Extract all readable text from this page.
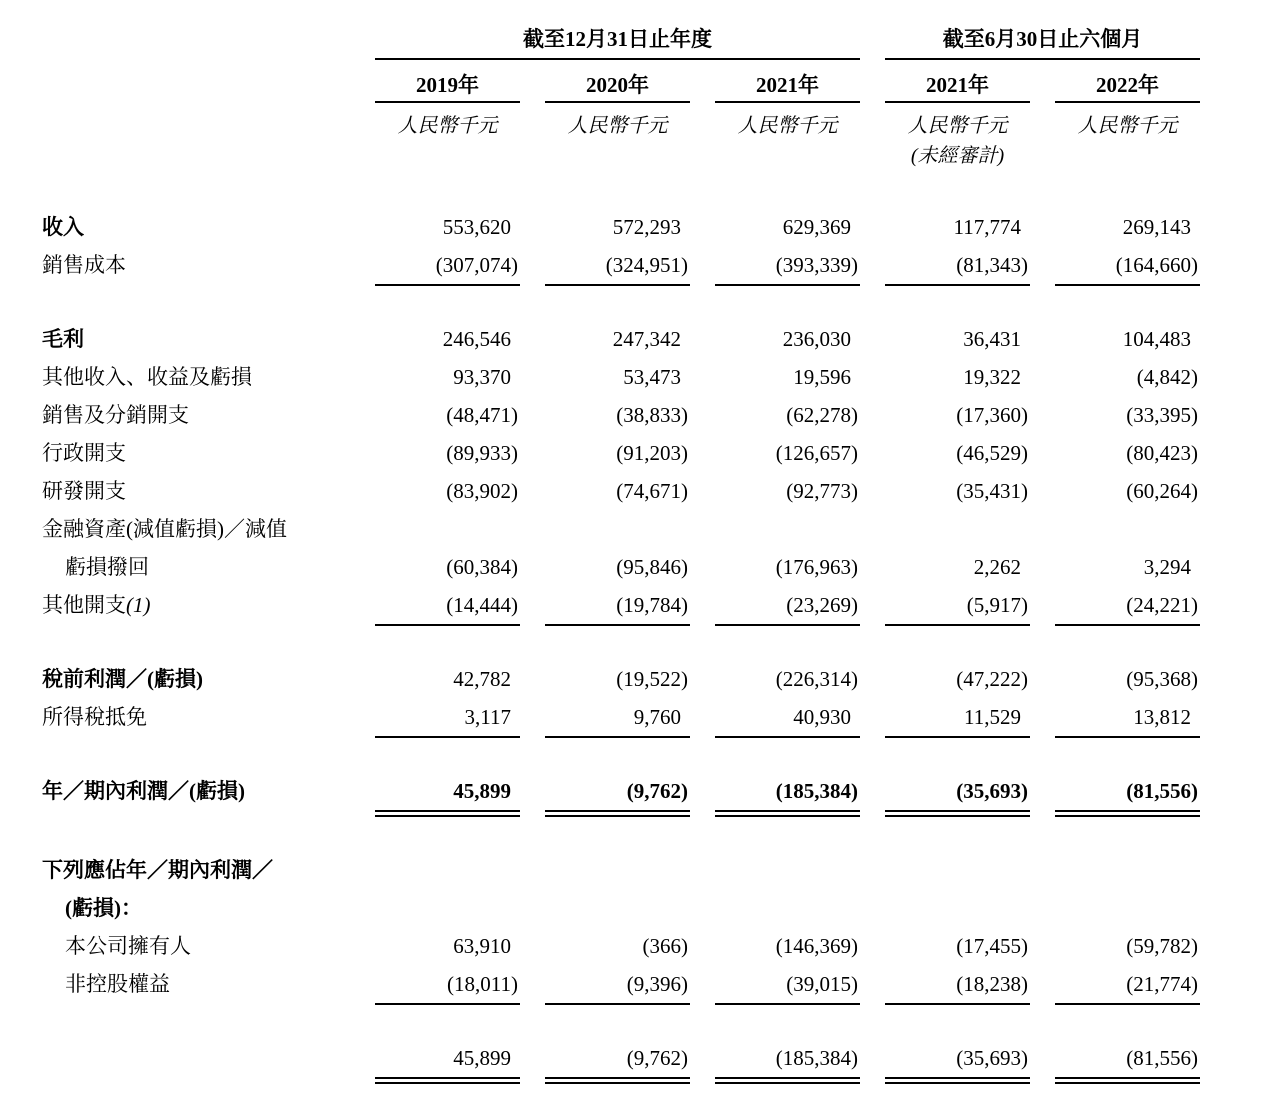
截至12月31日止年度	截至6月30日止六個月
2019年	2020年	2021年	2021年	2022年
人民幣千元	人民幣千元	人民幣千元	人民幣千元	人民幣千元
(未經審計)
收入	553,620	572,293	629,369	117,774	269,143
銷售成本	(307,074)	(324,951)	(393,339)	(81,343)	(164,660)
毛利	246,546	247,342	236,030	36,431	104,483
其他收入、收益及虧損	93,370	53,473	19,596	19,322	(4,842)
銷售及分銷開支	(48,471)	(38,833)	(62,278)	(17,360)	(33,395)
行政開支	(89,933)	(91,203)	(126,657)	(46,529)	(80,423)
研發開支	(83,902)	(74,671)	(92,773)	(35,431)	(60,264)
金融資產(減值虧損)／減值
虧損撥回	(60,384)	(95,846)	(176,963)	2,262	3,294
其他開支(1)	(14,444)	(19,784)	(23,269)	(5,917)	(24,221)
稅前利潤／(虧損)	42,782	(19,522)	(226,314)	(47,222)	(95,368)
所得稅抵免	3,117	9,760	40,930	11,529	13,812
年／期內利潤／(虧損)	45,899	(9,762)	(185,384)	(35,693)	(81,556)
下列應佔年／期內利潤／
(虧損)：
本公司擁有人	63,910	(366)	(146,369)	(17,455)	(59,782)
非控股權益	(18,011)	(9,396)	(39,015)	(18,238)	(21,774)
45,899	(9,762)	(185,384)	(35,693)	(81,556)
